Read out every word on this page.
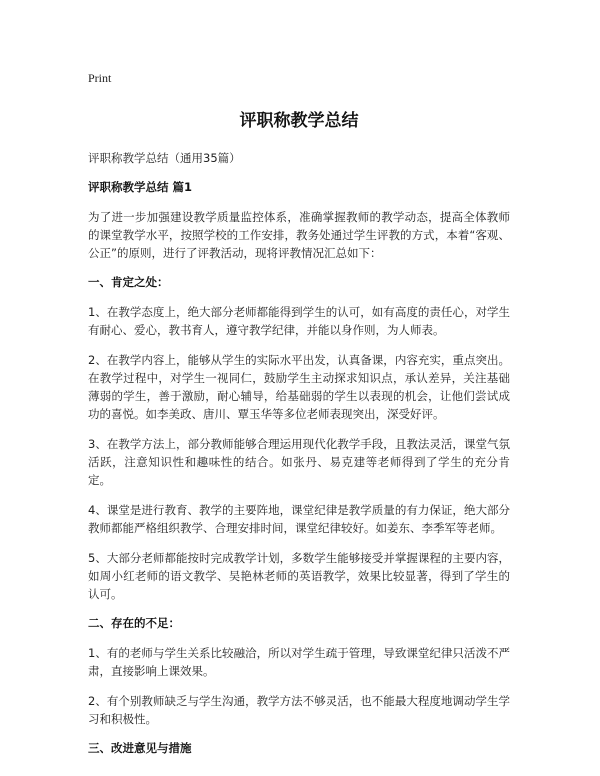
Print
评职称教学总结
评职称教学总结（通用35篇）
评职称教学总结 篇1
为了进一步加强建设教学质量监控体系，准确掌握教师的教学动态，提高全体教师的课堂教学水平，按照学校的工作安排，教务处通过学生评教的方式，本着“客观、公正”的原则，进行了评教活动，现将评教情况汇总如下：
一、肯定之处：
1、在教学态度上，绝大部分老师都能得到学生的认可，如有高度的责任心，对学生有耐心、爱心，教书育人，遵守教学纪律，并能以身作则，为人师表。
2、在教学内容上，能够从学生的实际水平出发，认真备课，内容充实，重点突出。在教学过程中，对学生一视同仁，鼓励学生主动探求知识点，承认差异，关注基础薄弱的学生，善于激励，耐心辅导，给基础弱的学生以表现的机会，让他们尝试成功的喜悦。如李美政、唐川、覃玉华等多位老师表现突出，深受好评。
3、在教学方法上，部分教师能够合理运用现代化教学手段，且教法灵活，课堂气氛活跃，注意知识性和趣味性的结合。如张丹、易克建等老师得到了学生的充分肯定。
4、课堂是进行教育、教学的主要阵地，课堂纪律是教学质量的有力保证，绝大部分教师都能严格组织教学、合理安排时间，课堂纪律较好。如姜东、李季军等老师。
5、大部分老师都能按时完成教学计划，多数学生能够接受并掌握课程的主要内容，如周小红老师的语文教学、吴艳林老师的英语教学，效果比较显著，得到了学生的认可。
二、存在的不足：
1、有的老师与学生关系比较融洽，所以对学生疏于管理，导致课堂纪律只活泼不严肃，直接影响上课效果。
2、有个别教师缺乏与学生沟通，教学方法不够灵活，也不能最大程度地调动学生学习和积极性。
三、改进意见与措施
